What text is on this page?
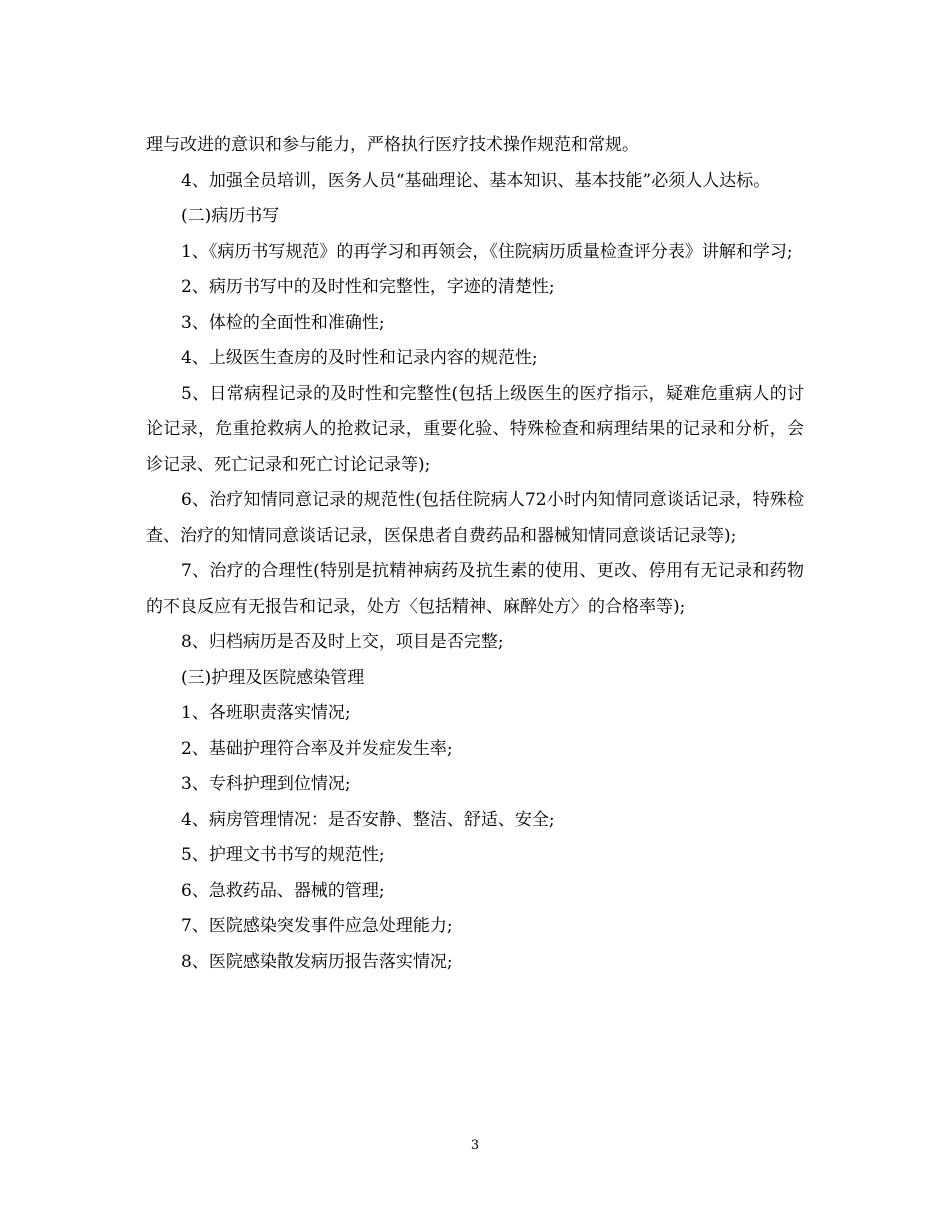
理与改进的意识和参与能力，严格执行医疗技术操作规范和常规。

4、加强全员培训，医务人员“基础理论、基本知识、基本技能”必须人人达标。

(二)病历书写

1、《病历书写规范》的再学习和再领会，《住院病历质量检查评分表》讲解和学习;

2、病历书写中的及时性和完整性，字迹的清楚性;

3、体检的全面性和准确性;

4、上级医生查房的及时性和记录内容的规范性;

5、日常病程记录的及时性和完整性(包括上级医生的医疗指示，疑难危重病人的讨论记录，危重抢救病人的抢救记录，重要化验、特殊检查和病理结果的记录和分析，会诊记录、死亡记录和死亡讨论记录等);

6、治疗知情同意记录的规范性(包括住院病人72小时内知情同意谈话记录，特殊检查、治疗的知情同意谈话记录，医保患者自费药品和器械知情同意谈话记录等);

7、治疗的合理性(特别是抗精神病药及抗生素的使用、更改、停用有无记录和药物的不良反应有无报告和记录，处方〈包括精神、麻醉处方〉的合格率等);

8、归档病历是否及时上交，项目是否完整;

(三)护理及医院感染管理

1、各班职责落实情况;

2、基础护理符合率及并发症发生率;

3、专科护理到位情况;

4、病房管理情况：是否安静、整洁、舒适、安全;

5、护理文书书写的规范性;

6、急救药品、器械的管理;

7、医院感染突发事件应急处理能力;

8、医院感染散发病历报告落实情况;

3
